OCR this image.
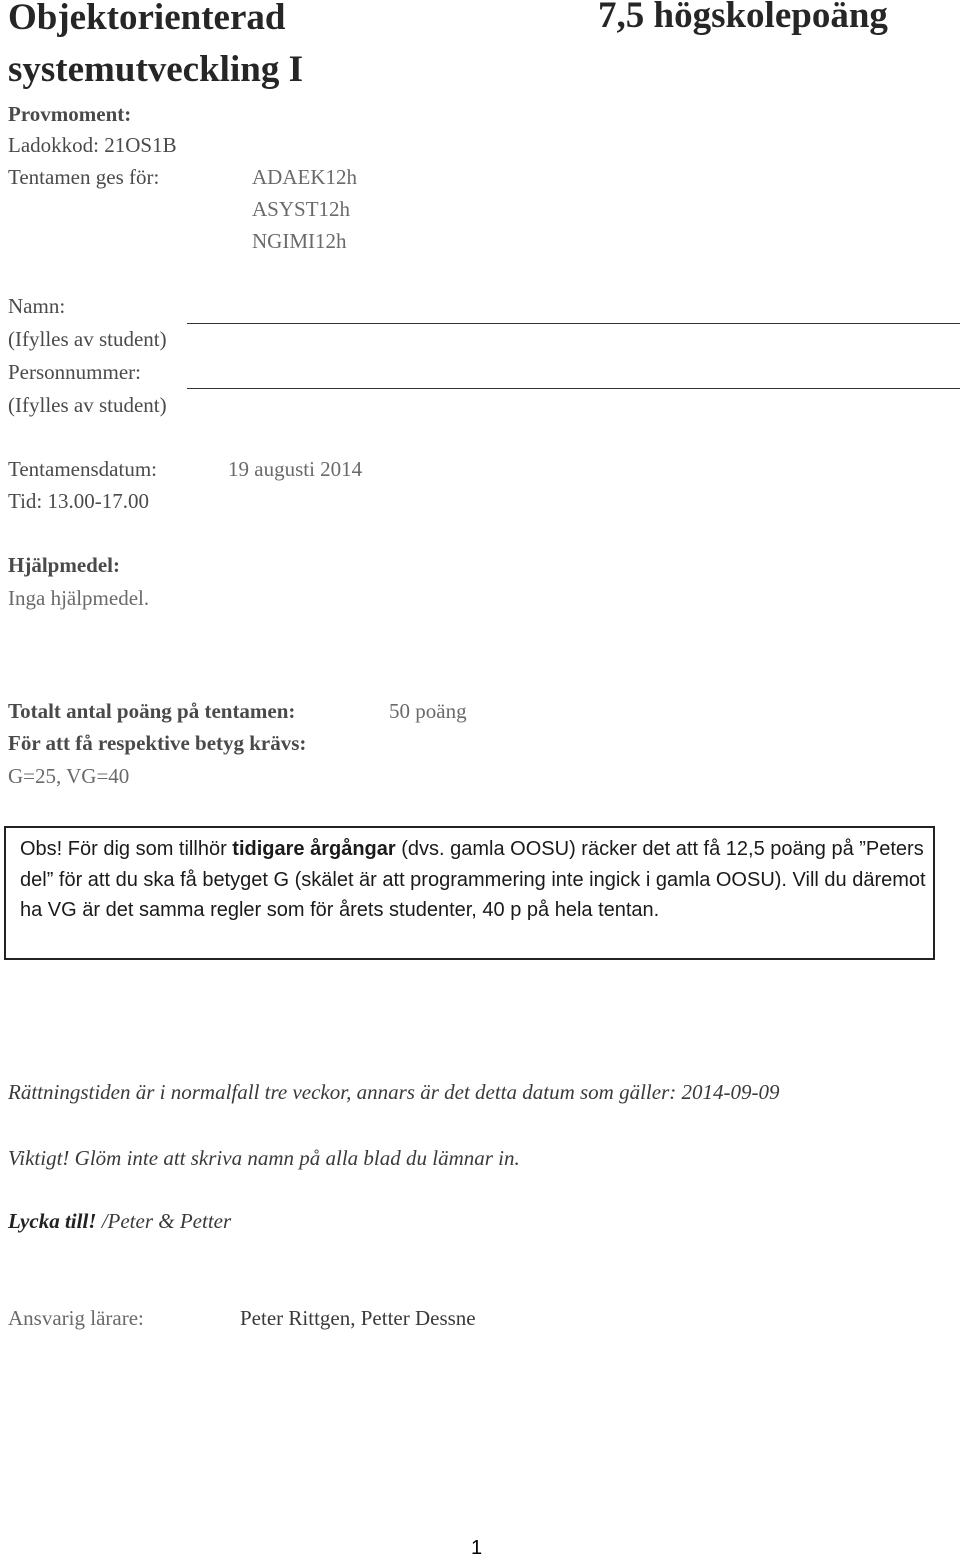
Objektorienterad
systemutveckling I
7,5 högskolepoäng
Provmoment:
Ladokkod: 21OS1B
Tentamen ges för:	ADAEK12h
ASYST12h
NGIMI12h
Namn:
(Ifylles av student)
Personnummer:
(Ifylles av student)
Tentamensdatum:	19 augusti 2014
Tid: 13.00-17.00
Hjälpmedel:
Inga hjälpmedel.
Totalt antal poäng på tentamen:	50 poäng
För att få respektive betyg krävs:
G=25, VG=40
Obs! För dig som tillhör tidigare årgångar (dvs. gamla OOSU) räcker det att få 12,5 poäng på ”Peters del” för att du ska få betyget G (skälet är att programmering inte ingick i gamla OOSU). Vill du däremot ha VG är det samma regler som för årets studenter, 40 p på hela tentan.
Rättningstiden är i normalfall tre veckor, annars är det detta datum som gäller: 2014-09-09
Viktigt! Glöm inte att skriva namn på alla blad du lämnar in.
Lycka till! /Peter & Petter
Ansvarig lärare:	Peter Rittgen, Petter Dessne
1
